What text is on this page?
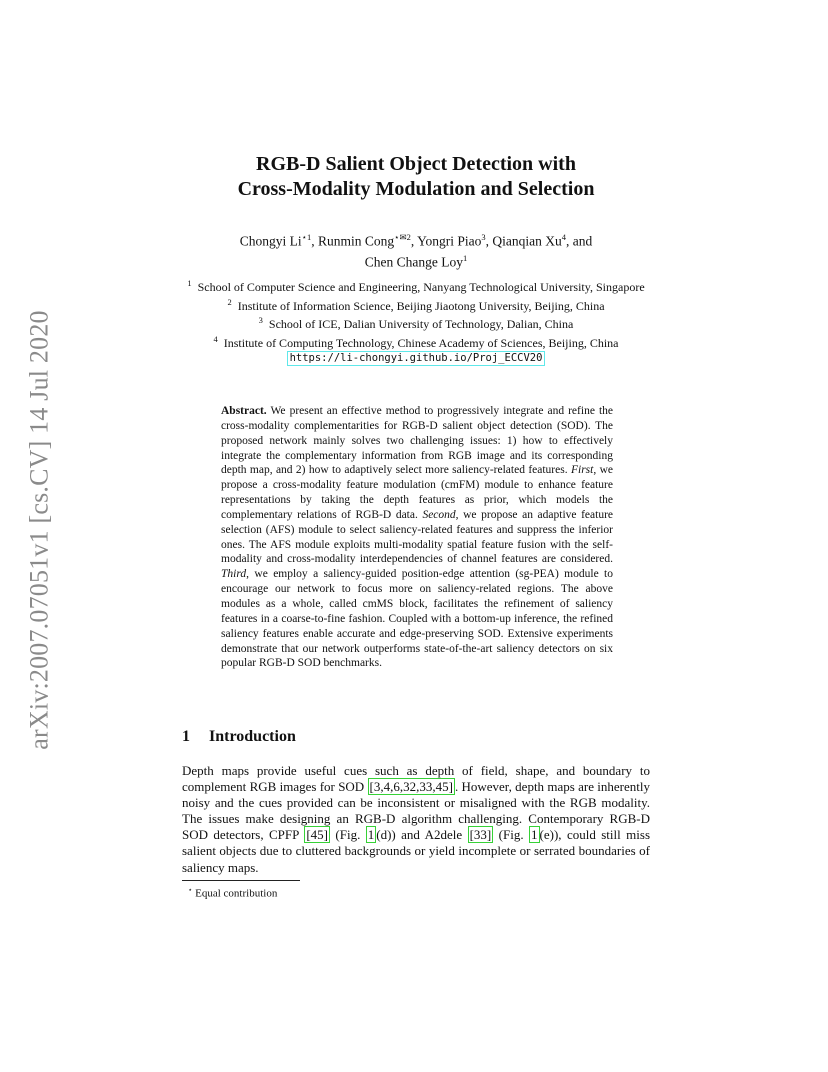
arXiv:2007.07051v1 [cs.CV] 14 Jul 2020
RGB-D Salient Object Detection with
Cross-Modality Modulation and Selection
Chongyi $Li^{⋆1}$, Runmin Cong$^{⋆✉2}$, Yongri Piao$^3$, Qianqian Xu$^4$, and
Chen Change Loy$^1$
$^1$ School of Computer Science and Engineering, Nanyang Technological University, Singapore
$^2$ Institute of Information Science, Beijing Jiaotong University, Beijing, China
$^3$ School of ICE, Dalian University of Technology, Dalian, China
$^4$ Institute of Computing Technology, Chinese Academy of Sciences, Beijing, China
https://li-chongyi.github.io/Proj_ECCV20
Abstract. We present an effective method to progressively integrate and refine the cross-modality complementarities for RGB-D salient object detection (SOD). The proposed network mainly solves two challenging issues: 1) how to effectively integrate the complementary information from RGB image and its corresponding depth map, and 2) how to adaptively select more saliency-related features. First, we propose a cross-modality feature modulation (cmFM) module to enhance feature representations by taking the depth features as prior, which models the complementary relations of RGB-D data. Second, we propose an adaptive feature selection (AFS) module to select saliency-related features and suppress the inferior ones. The AFS module exploits multi-modality spatial feature fusion with the self-modality and cross-modality interdependencies of channel features are considered. Third, we employ a saliency-guided position-edge attention (sg-PEA) module to encourage our network to focus more on saliency-related regions. The above modules as a whole, called cmMS block, facilitates the refinement of saliency features in a coarse-to-fine fashion. Coupled with a bottom-up inference, the refined saliency features enable accurate and edge-preserving SOD. Extensive experiments demonstrate that our network outperforms state-of-the-art saliency detectors on six popular RGB-D SOD benchmarks.
1 Introduction
Depth maps provide useful cues such as depth of field, shape, and boundary to complement RGB images for SOD [3,4,6,32,33,45] . However, depth maps are inherently noisy and the cues provided can be inconsistent or misaligned with the RGB modality. The issues make designing an RGB-D algorithm challenging. Contemporary RGB-D SOD detectors, CPFP [45] (Fig. 1 (d)) and A2dele [33] (Fig. 1 (e)), could still miss salient objects due to cluttered backgrounds or yield incomplete or serrated boundaries of saliency maps.
⋆ Equal contribution
